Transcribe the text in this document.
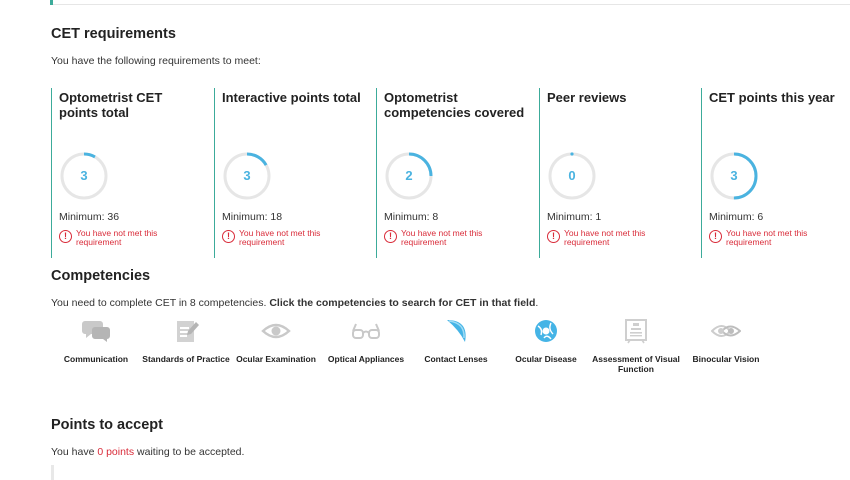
CET requirements

You have the following requirements to meet:

Optometrist CET points total
3
Minimum: 36
!	You have not met this requirement
Interactive points total
3
Minimum: 18
!	You have not met this requirement
Optometrist competencies covered
2
Minimum: 8
!	You have not met this requirement
Peer reviews
0
Minimum: 1
!	You have not met this requirement
CET points this year
3
Minimum: 6
!	You have not met this requirement
Competencies

You need to complete CET in 8 competencies. Click the competencies to search for CET in that field.

Communication	Standards of Practice Ocular Examination	Optical Appliances	Contact Lenses	Ocular Disease	Assessment of Visual Function
Binocular Vision
Points to accept

You have 0 points waiting to be accepted.
